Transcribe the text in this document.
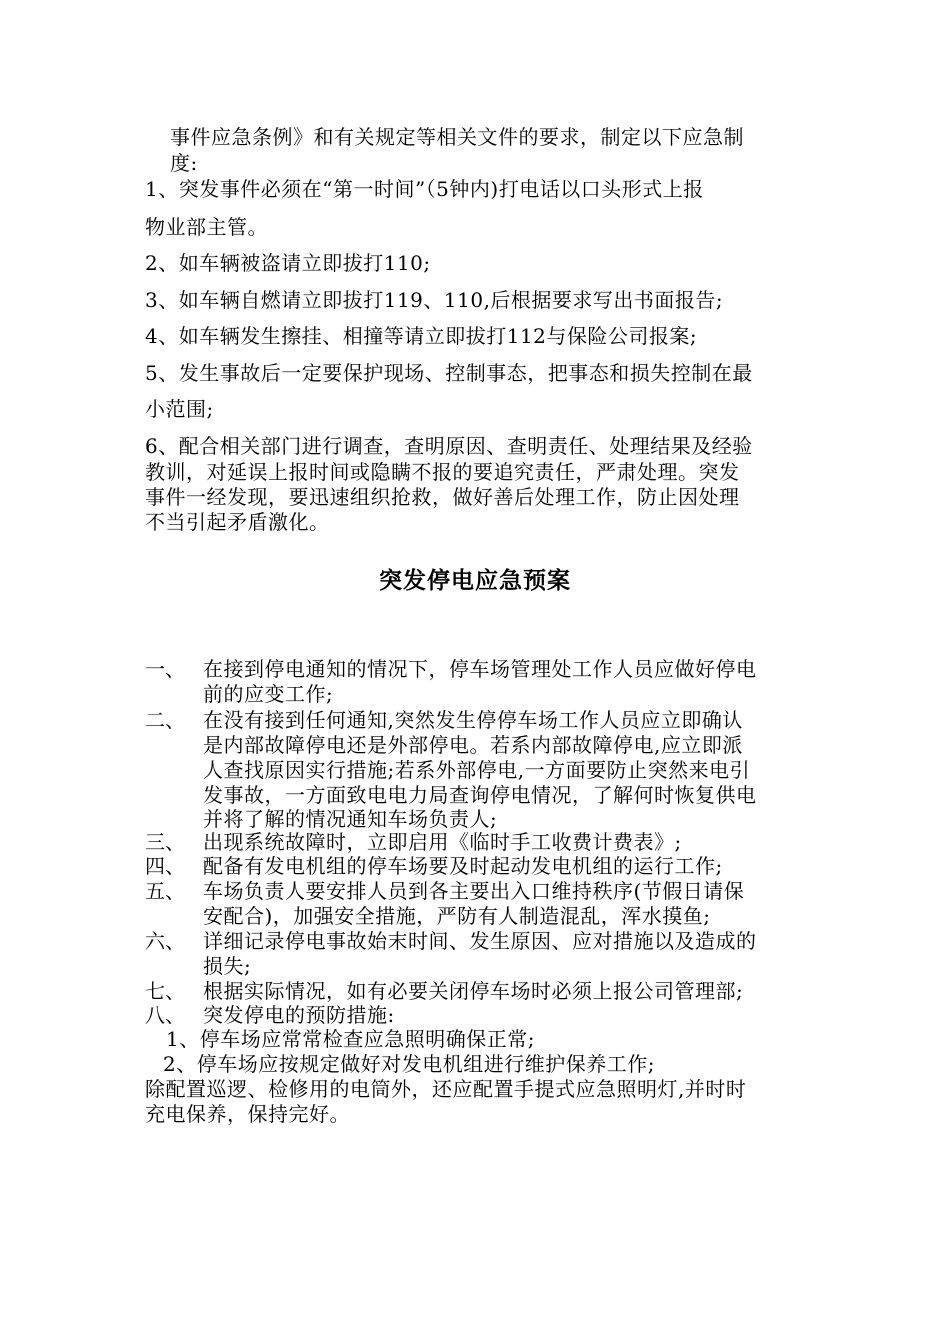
事件应急条例》和有关规定等相关文件的要求，制定以下应急制
度:
1、突发事件必须在“第一时间”（5钟内)打电话以口头形式上报
物业部主管。
2、如车辆被盗请立即拔打110;
3、如车辆自燃请立即拔打119、110,后根据要求写出书面报告;
4、如车辆发生擦挂、相撞等请立即拔打112与保险公司报案;
5、发生事故后一定要保护现场、控制事态，把事态和损失控制在最
小范围;
6、配合相关部门进行调查，查明原因、查明责任、处理结果及经验
教训，对延误上报时间或隐瞒不报的要追究责任，严肃处理。突发
事件一经发现，要迅速组织抢救，做好善后处理工作，防止因处理
不当引起矛盾激化。
突发停电应急预案
一、 在接到停电通知的情况下，停车场管理处工作人员应做好停电
前的应变工作;
二、 在没有接到任何通知,突然发生停停车场工作人员应立即确认
是内部故障停电还是外部停电。若系内部故障停电,应立即派
人查找原因实行措施;若系外部停电,一方面要防止突然来电引
发事故，一方面致电电力局查询停电情况，了解何时恢复供电
并将了解的情况通知车场负责人;
三、 出现系统故障时，立即启用《临时手工收费计费表》;
四、 配备有发电机组的停车场要及时起动发电机组的运行工作;
五、 车场负责人要安排人员到各主要出入口维持秩序(节假日请保
安配合)，加强安全措施，严防有人制造混乱，浑水摸鱼;
六、 详细记录停电事故始末时间、发生原因、应对措施以及造成的
损失;
七、 根据实际情况，如有必要关闭停车场时必须上报公司管理部;
八、 突发停电的预防措施:
1、停车场应常常检查应急照明确保正常;
2、停车场应按规定做好对发电机组进行维护保养工作;
除配置巡逻、检修用的电筒外，还应配置手提式应急照明灯,并时时
充电保养，保持完好。
